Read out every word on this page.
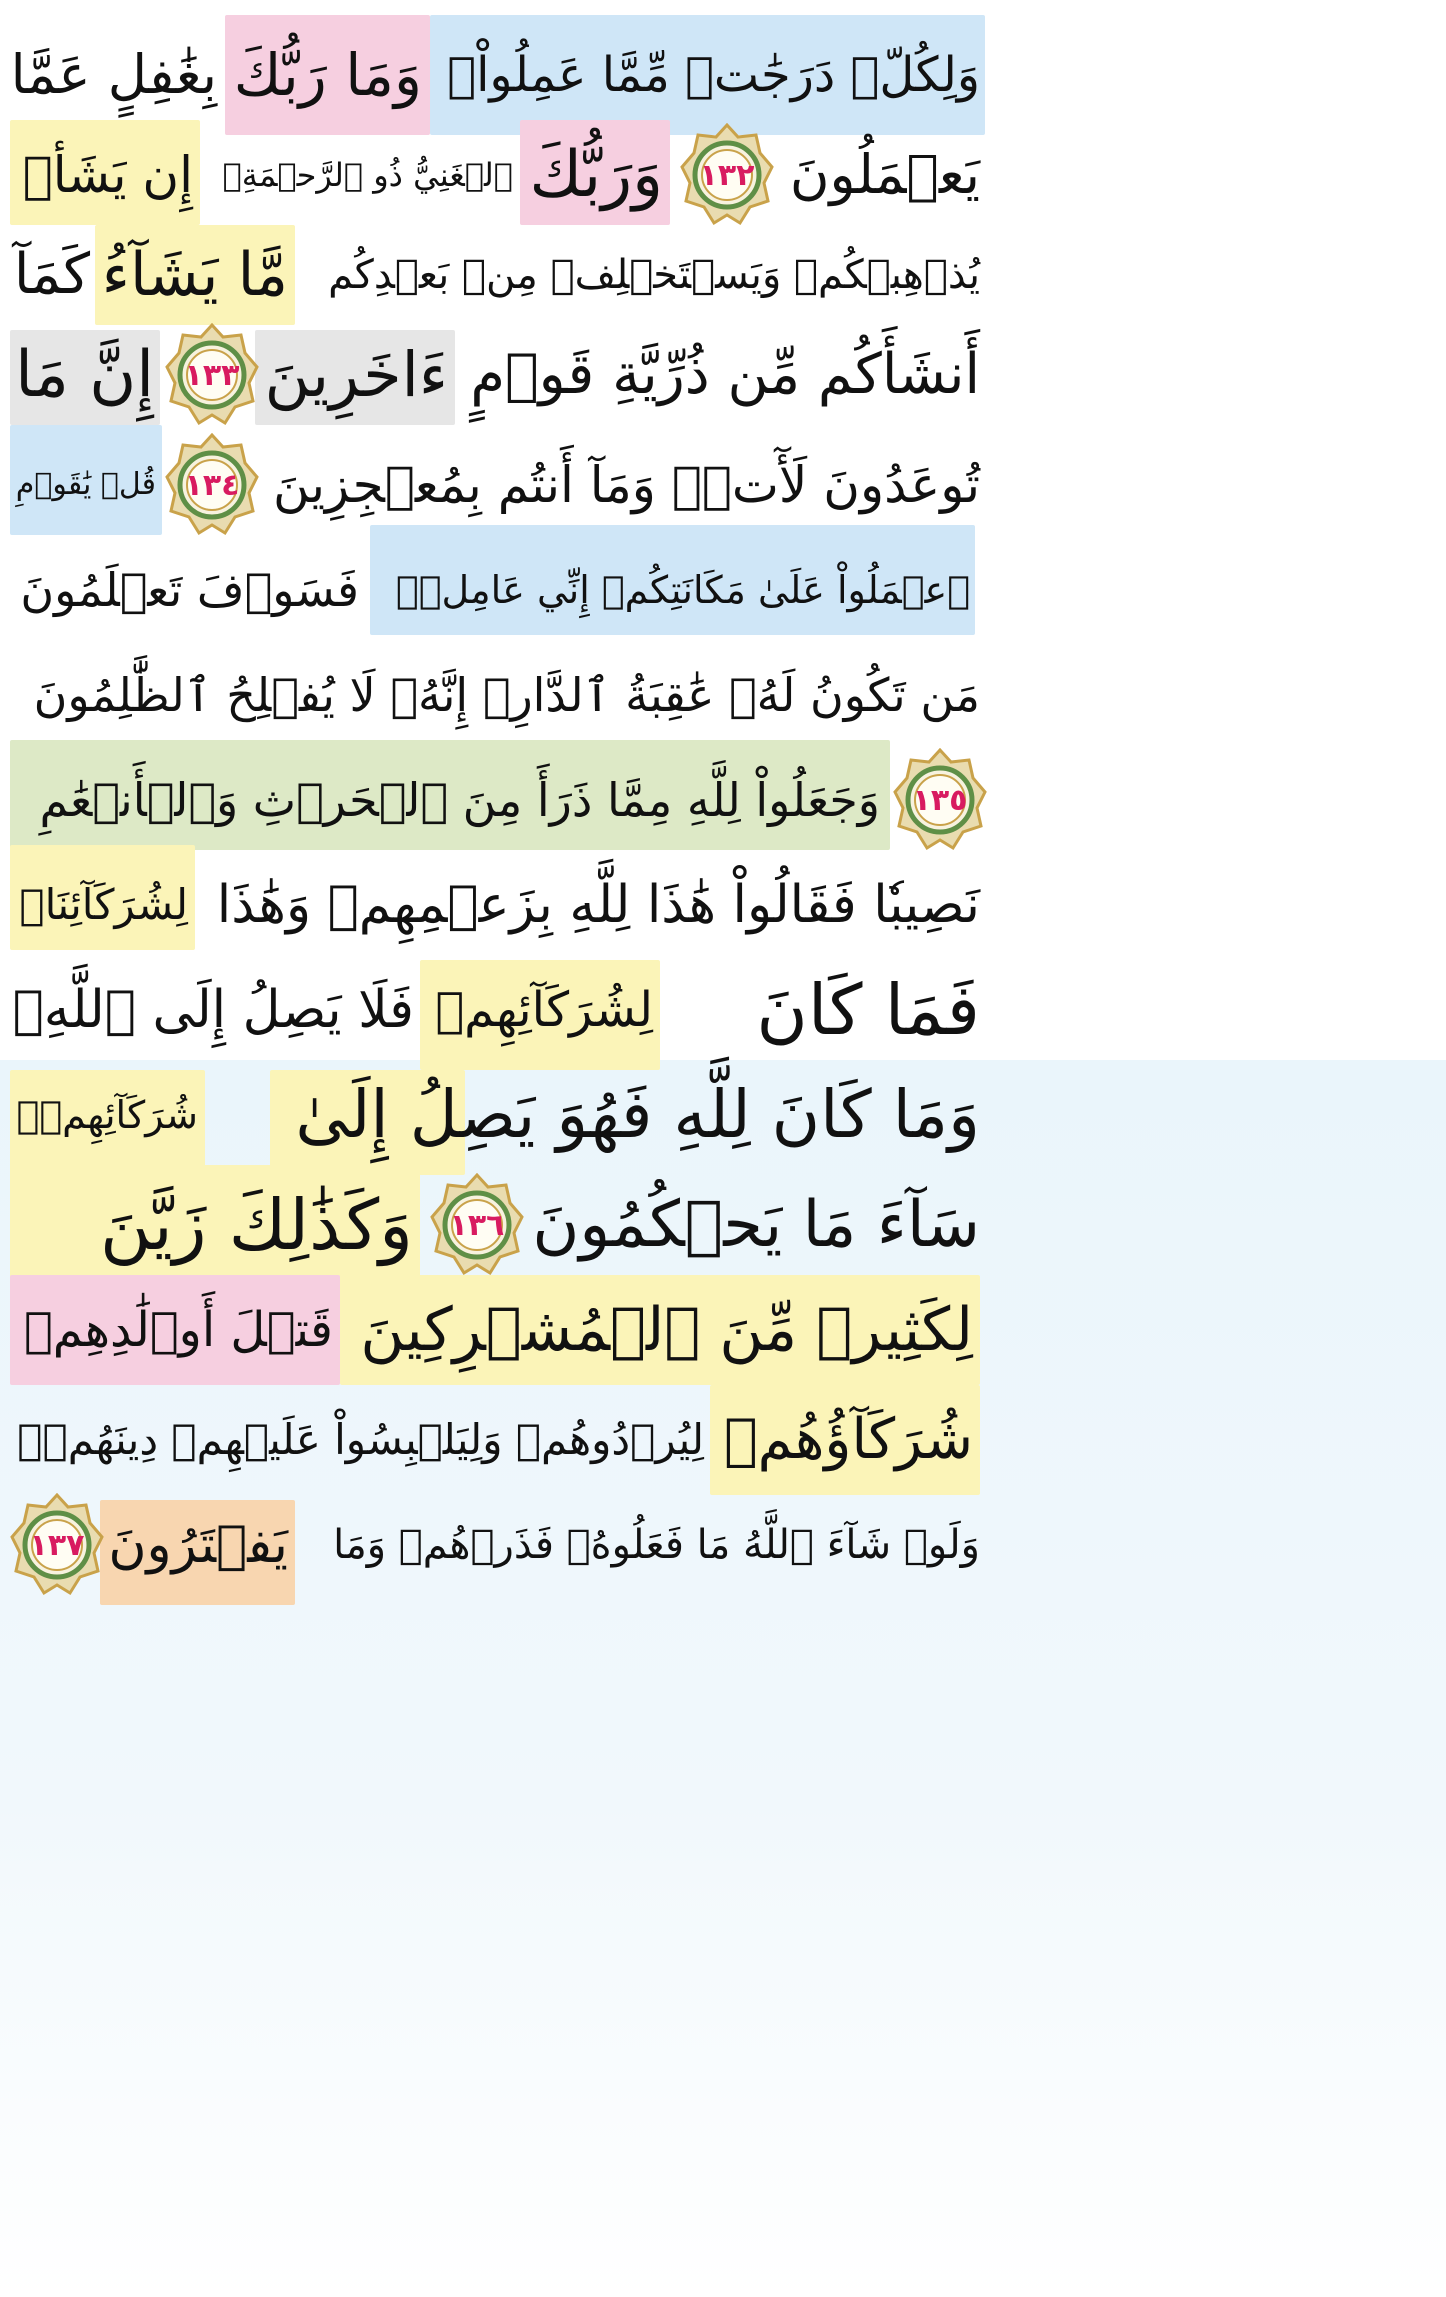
وَلِكُلّٖ دَرَجَٰتٞ مِّمَّا عَمِلُواْۚ
وَمَا رَبُّكَ
بِغَٰفِلٍ عَمَّا
يَعۡمَلُونَ
١٣٢
وَرَبُّكَ
ٱلۡغَنِيُّ ذُو ٱلرَّحۡمَةِۚ
إِن يَشَأۡ
يُذۡهِبۡكُمۡ وَيَسۡتَخۡلِفۡ مِنۢ بَعۡدِكُم
مَّا يَشَآءُ
كَمَآ
أَنشَأَكُم مِّن ذُرِّيَّةِ قَوۡمٍ
ءَاخَرِينَ
١٣٣
إِنَّ مَا
تُوعَدُونَ لَأٓتٖۖ وَمَآ أَنتُم بِمُعۡجِزِينَ
١٣٤
قُلۡ يَٰقَوۡمِ
ٱعۡمَلُواْ عَلَىٰ مَكَانَتِكُمۡ إِنِّي عَامِلٞۖ
فَسَوۡفَ تَعۡلَمُونَ
مَن تَكُونُ لَهُۥ عَٰقِبَةُ ٱلدَّارِۚ إِنَّهُۥ لَا يُفۡلِحُ ٱلظَّٰلِمُونَ
وَجَعَلُواْ لِلَّهِ مِمَّا ذَرَأَ مِنَ ٱلۡحَرۡثِ وَٱلۡأَنۡعَٰمِ	١٣٥
نَصِيبٗا فَقَالُواْ هَٰذَا لِلَّهِ بِزَعۡمِهِمۡ وَهَٰذَا
لِشُرَكَآئِنَاۖ
فَمَا كَانَ
لِشُرَكَآئِهِمۡ
فَلَا يَصِلُ إِلَى ٱللَّهِۖ
وَمَا كَانَ لِلَّهِ فَهُوَ يَصِلُ إِلَىٰ
شُرَكَآئِهِمۡۗ
سَآءَ مَا يَحۡكُمُونَ
١٣٦
وَكَذَٰلِكَ زَيَّنَ
لِكَثِيرٖ مِّنَ ٱلۡمُشۡرِكِينَ
قَتۡلَ أَوۡلَٰدِهِمۡ
شُرَكَآؤُهُمۡ
لِيُرۡدُوهُمۡ وَلِيَلۡبِسُواْ عَلَيۡهِمۡ دِينَهُمۡۖ
وَلَوۡ شَآءَ ٱللَّهُ مَا فَعَلُوهُۖ فَذَرۡهُمۡ وَمَا
يَفۡتَرُونَ
١٣٧
